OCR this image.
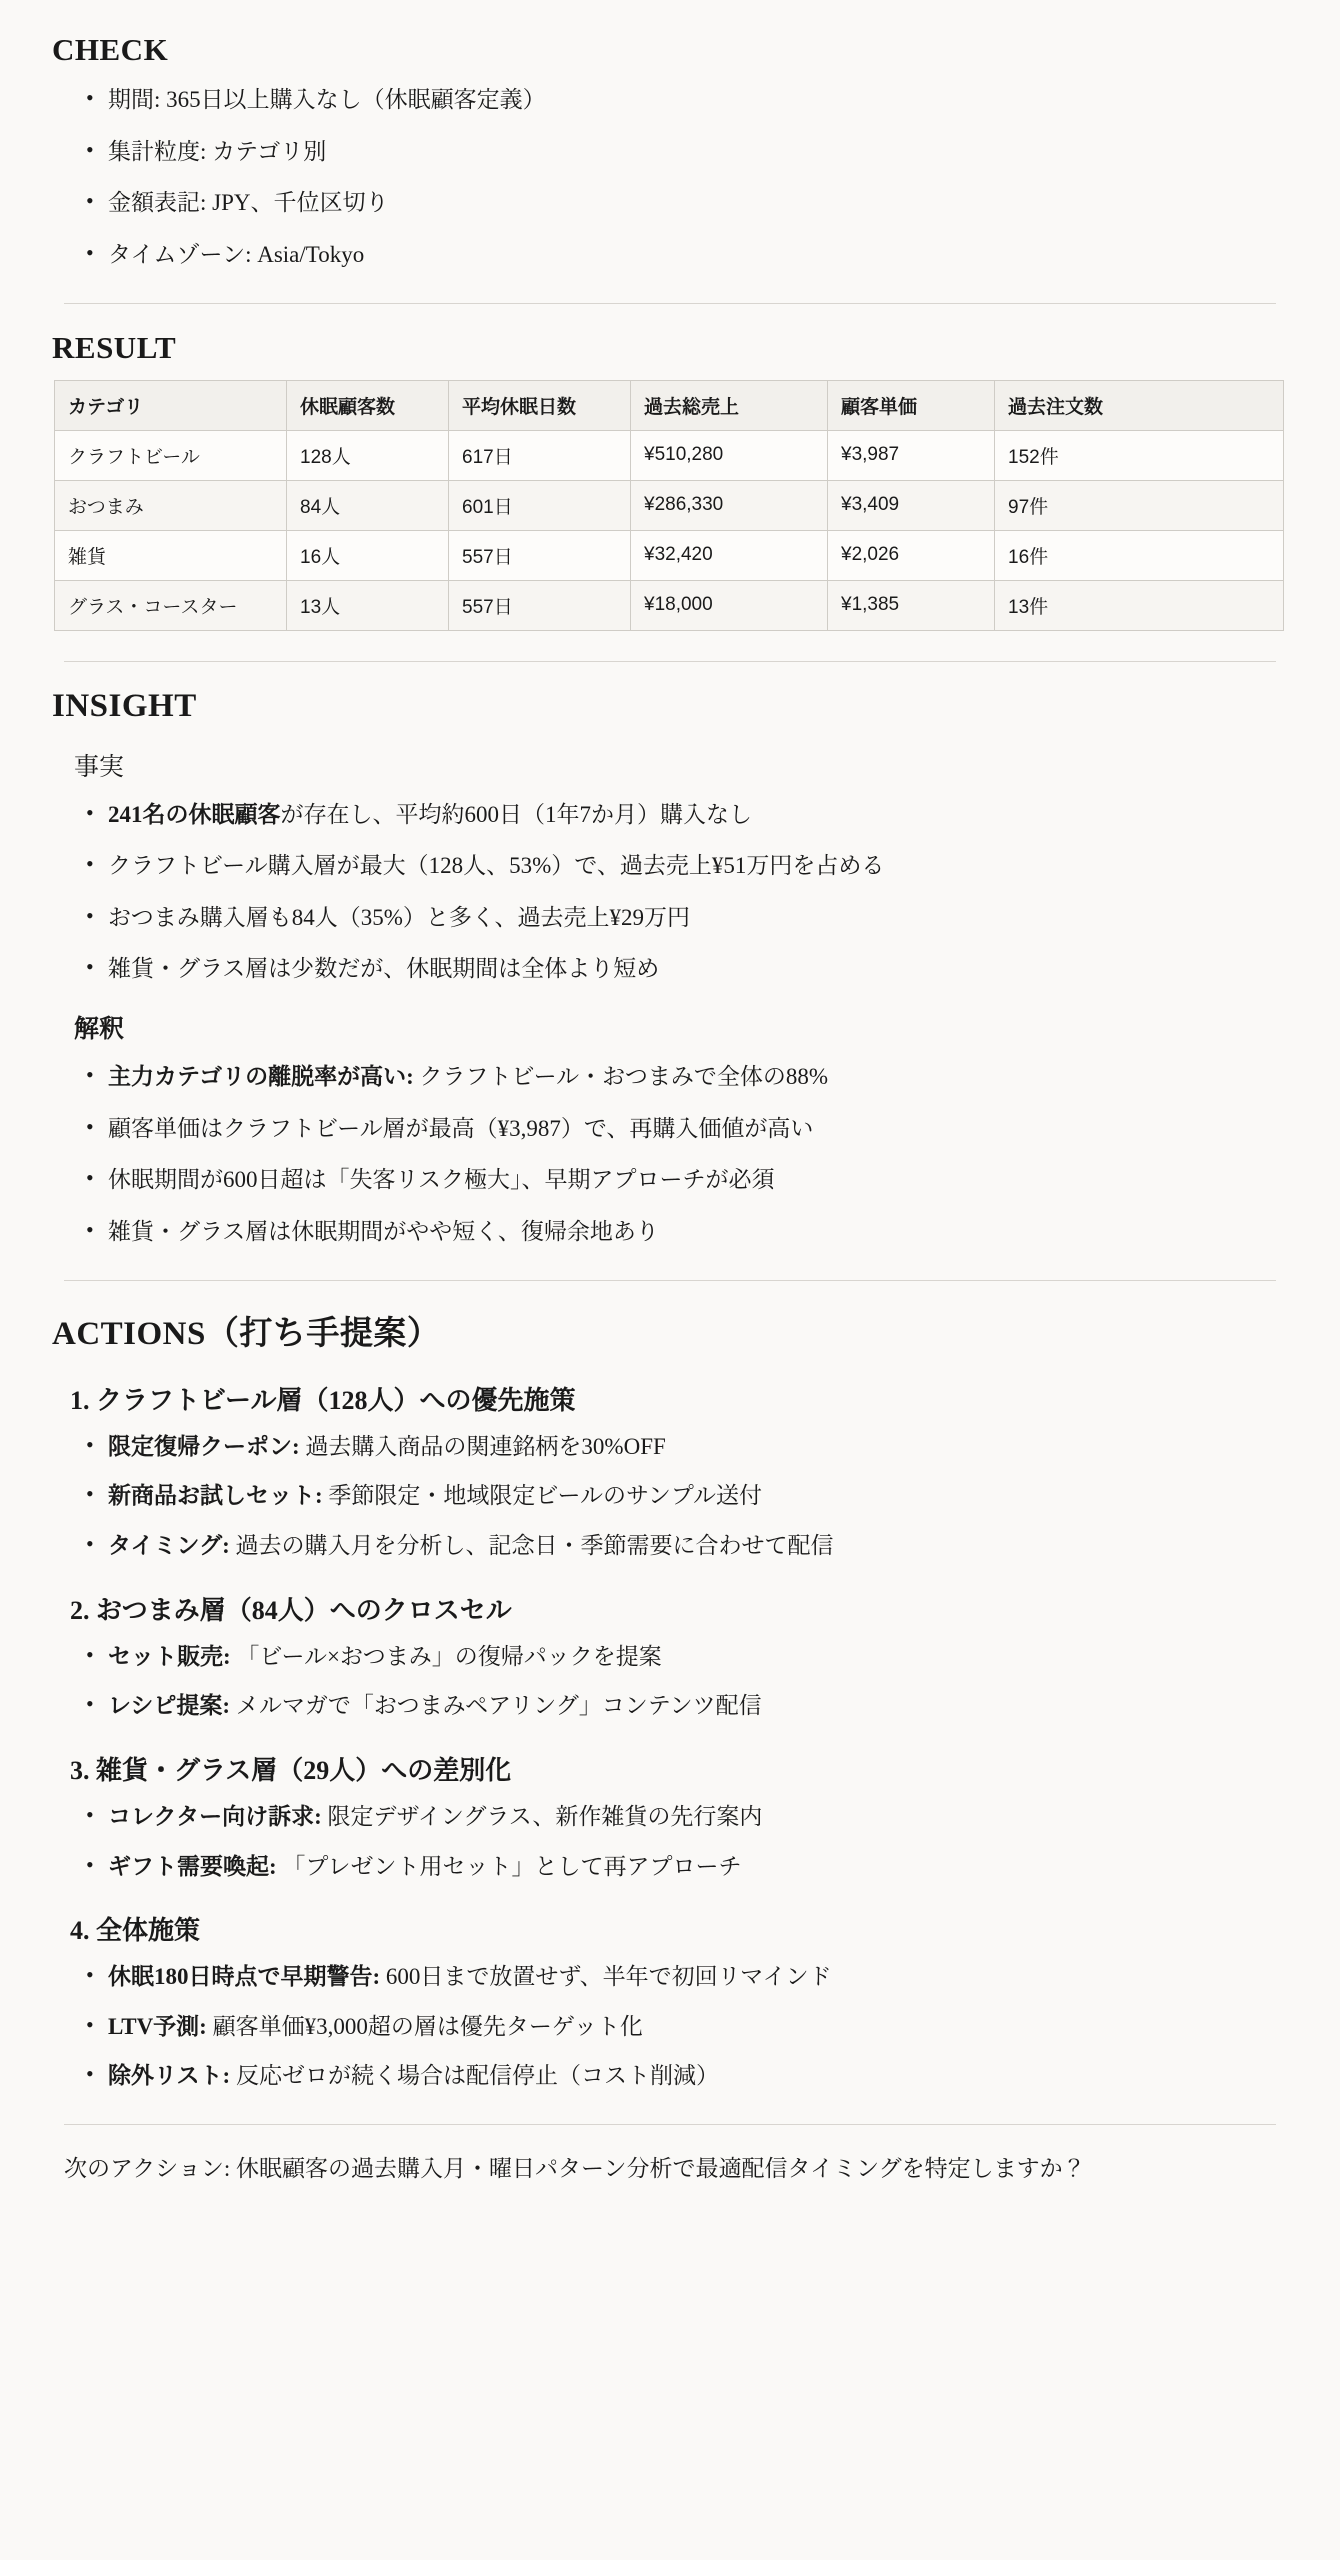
CHECK
• 期間: 365日以上購入なし（休眠顧客定義）
• 集計粒度: カテゴリ別
• 金額表記: JPY、千位区切り
• タイムゾーン: Asia/Tokyo
RESULT
カテゴリ	休眠顧客数	平均休眠日数	過去総売上	顧客単価	過去注文数
クラフトビール	128人	617日	¥510,280	¥3,987	152件
おつまみ	84人	601日	¥286,330	¥3,409	97件
雑貨	16人	557日	¥32,420	¥2,026	16件
グラス・コースター	13人	557日	¥18,000	¥1,385	13件
INSIGHT
事実
• 241名の休眠顧客が存在し、平均約600日（1年7か月）購入なし
• クラフトビール購入層が最大（128人、53%）で、過去売上¥51万円を占める
• おつまみ購入層も84人（35%）と多く、過去売上¥29万円
• 雑貨・グラス層は少数だが、休眠期間は全体より短め
解釈
• 主力カテゴリの離脱率が高い: クラフトビール・おつまみで全体の88%
• 顧客単価はクラフトビール層が最高（¥3,987）で、再購入価値が高い
• 休眠期間が600日超は「失客リスク極大」、早期アプローチが必須
• 雑貨・グラス層は休眠期間がやや短く、復帰余地あり
ACTIONS（打ち手提案）
1. クラフトビール層（128人）への優先施策
• 限定復帰クーポン: 過去購入商品の関連銘柄を30%OFF
• 新商品お試しセット: 季節限定・地域限定ビールのサンプル送付
• タイミング: 過去の購入月を分析し、記念日・季節需要に合わせて配信
2. おつまみ層（84人）へのクロスセル
• セット販売: 「ビール×おつまみ」の復帰パックを提案
• レシピ提案: メルマガで「おつまみペアリング」コンテンツ配信
3. 雑貨・グラス層（29人）への差別化
• コレクター向け訴求: 限定デザイングラス、新作雑貨の先行案内
• ギフト需要喚起: 「プレゼント用セット」として再アプローチ
4. 全体施策
• 休眠180日時点で早期警告: 600日まで放置せず、半年で初回リマインド
• LTV予測: 顧客単価¥3,000超の層は優先ターゲット化
• 除外リスト: 反応ゼロが続く場合は配信停止（コスト削減）

次のアクション: 休眠顧客の過去購入月・曜日パターン分析で最適配信タイミングを特定しますか？
